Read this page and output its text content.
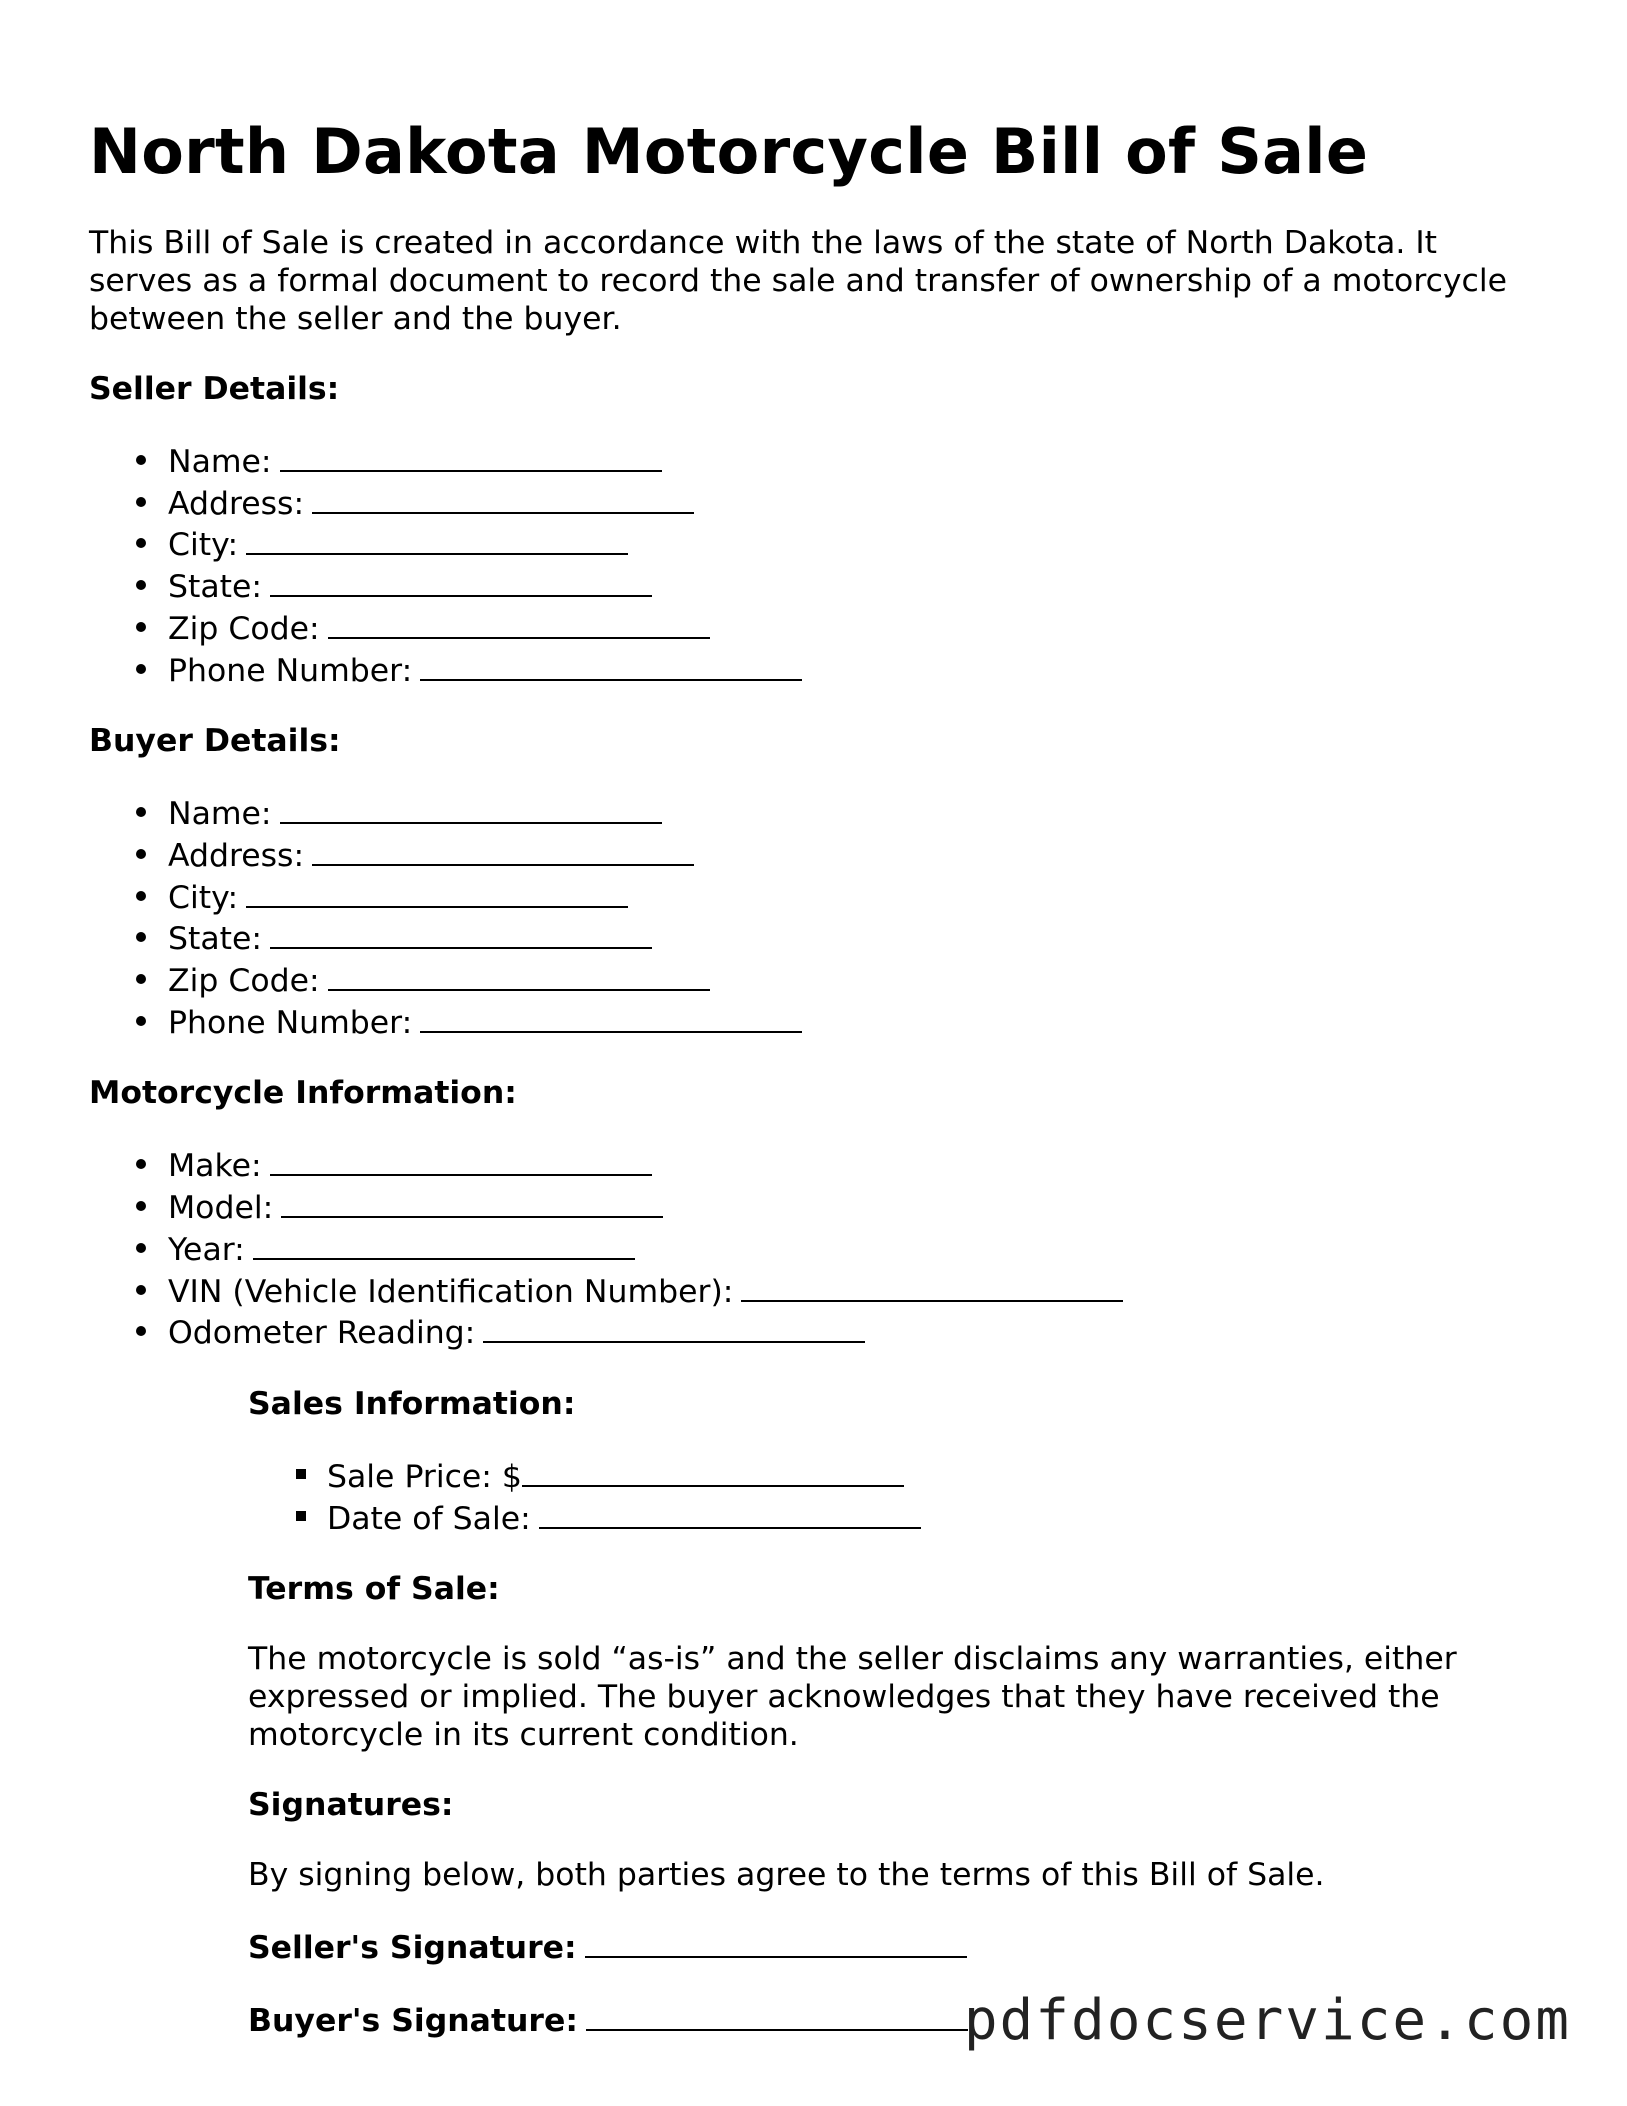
North Dakota Motorcycle Bill of Sale

This Bill of Sale is created in accordance with the laws of the state of North Dakota. It serves as a formal document to record the sale and transfer of ownership of a motorcycle between the seller and the buyer.

Seller Details:
Name:
Address:
City:
State:
Zip Code:
Phone Number:
Buyer Details:
Name:
Address:
City:
State:
Zip Code:
Phone Number:
Motorcycle Information:
Make:
Model:
Year:
VIN (Vehicle Identification Number):
Odometer Reading:
Sales Information:
Sale Price: $
Date of Sale:
Terms of Sale:

The motorcycle is sold “as-is” and the seller disclaims any warranties, either expressed or implied. The buyer acknowledges that they have received the motorcycle in its current condition.

Signatures:

By signing below, both parties agree to the terms of this Bill of Sale.

Seller's Signature:
Buyer's Signature:	pdfdocservice.com
